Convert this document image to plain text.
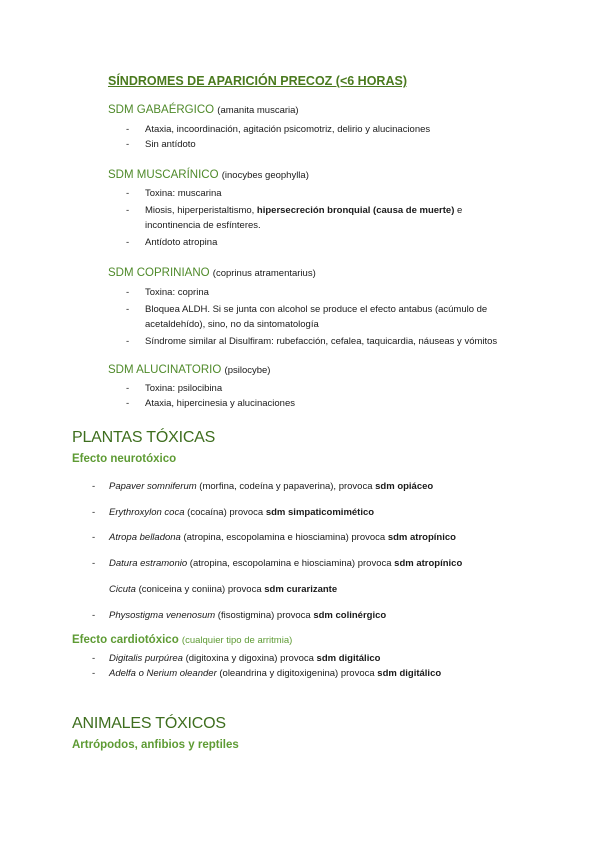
SÍNDROMES DE APARICIÓN PRECOZ (<6 HORAS)
SDM GABAÉRGICO (amanita muscaria)
- Ataxia, incoordinación, agitación psicomotriz, delirio y alucinaciones
- Sin antídoto
SDM MUSCARÍNICO (inocybes geophylla)
- Toxina: muscarina
- Miosis, hiperperistaltismo, hipersecreción bronquial (causa de muerte) e incontinencia de esfínteres.
- Antídoto atropina
SDM COPRINIANO (coprinus atramentarius)
- Toxina: coprina
- Bloquea ALDH. Si se junta con alcohol se produce el efecto antabus (acúmulo de acetaldehído), sino, no da sintomatología
- Síndrome similar al Disulfiram: rubefacción, cefalea, taquicardia, náuseas y vómitos
SDM ALUCINATORIO (psilocybe)
- Toxina: psilocibina
- Ataxia, hipercinesia y alucinaciones
PLANTAS TÓXICAS
Efecto neurotóxico
- Papaver somniferum (morfina, codeína y papaverina), provoca sdm opiáceo
- Erythroxylon coca (cocaína) provoca sdm simpaticomimético
- Atropa belladona (atropina, escopolamina e hiosciamina) provoca sdm atropínico
- Datura estramonio (atropina, escopolamina e hiosciamina) provoca sdm atropínico
Cicuta (coniceina y coniina) provoca sdm curarizante
- Physostigma venenosum (fisostigmina) provoca sdm colinérgico
Efecto cardiotóxico (cualquier tipo de arritmia)
- Digitalis purpúrea (digitoxina y digoxina) provoca sdm digitálico
- Adelfa o Nerium oleander (oleandrina y digitoxigenina) provoca sdm digitálico
ANIMALES TÓXICOS
Artrópodos, anfibios y reptiles
